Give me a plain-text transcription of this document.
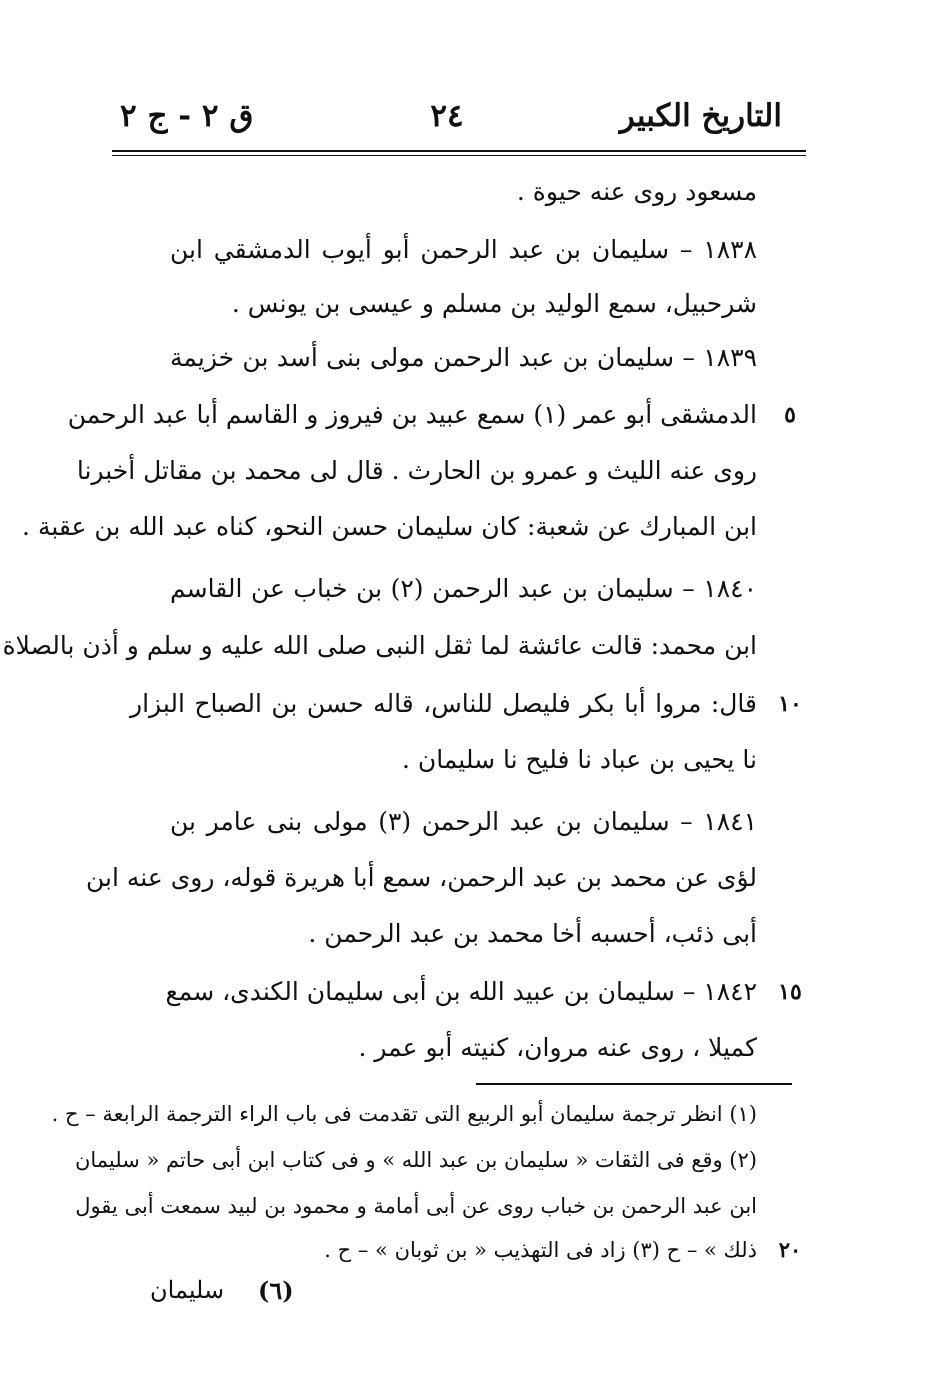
التاريخ الكبير
٢٤
ق ٢ - ج ٢
مسعود روى عنه حيوة .
١٨٣٨ – سليمان بن عبد الرحمن أبو أيوب الدمشقي ابن
شرحبيل، سمع الوليد بن مسلم و عيسى بن يونس .
١٨٣٩ – سليمان بن عبد الرحمن مولى بنى أسد بن خزيمة
الدمشقى أبو عمر (١) سمع عبيد بن فيروز و القاسم أبا عبد الرحمن	٥
روى عنه الليث و عمرو بن الحارث . قال لى محمد بن مقاتل أخبرنا
ابن المبارك عن شعبة: كان سليمان حسن النحو، كناه عبد الله بن عقبة .
١٨٤٠ – سليمان بن عبد الرحمن (٢) بن خباب عن القاسم
ابن محمد: قالت عائشة لما ثقل النبى صلى الله عليه و سلم و أذن بالصلاة
قال: مروا أبا بكر فليصل للناس، قاله حسن بن الصباح البزار ١٠
نا يحيى بن عباد نا فليح نا سليمان .
١٨٤١ – سليمان بن عبد الرحمن (٣) مولى بنى عامر بن
لؤى عن محمد بن عبد الرحمن، سمع أبا هريرة قوله، روى عنه ابن
أبى ذئب، أحسبه أخا محمد بن عبد الرحمن .
١٨٤٢ – سليمان بن عبيد الله بن أبى سليمان الكندى، سمع ١٥
كميلا ، روى عنه مروان، كنيته أبو عمر .
(١) انظر ترجمة سليمان أبو الربيع التى تقدمت فى باب الراء الترجمة الرابعة – ح .
(٢) وقع فى الثقات « سليمان بن عبد الله » و فى كتاب ابن أبى حاتم « سليمان
ابن عبد الرحمن بن خباب روى عن أبى أمامة و محمود بن لبيد سمعت أبى يقول
ذلك » – ح (٣) زاد فى التهذيب « بن ثوبان » – ح .	٢٠
(٦)
سليمان
